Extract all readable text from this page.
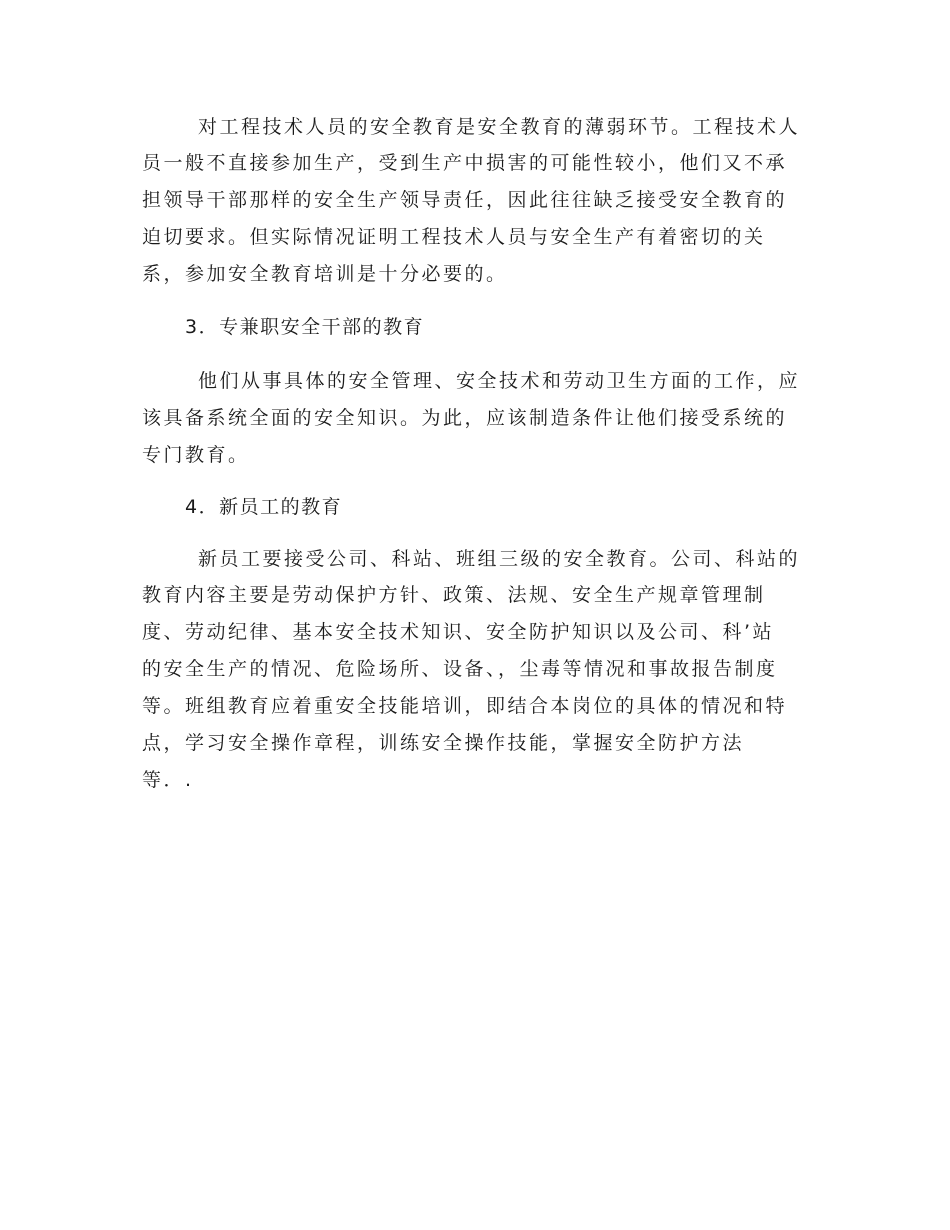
对工程技术人员的安全教育是安全教育的薄弱环节。工程技术人
员一般不直接参加生产，受到生产中损害的可能性较小，他们又不承
担领导干部那样的安全生产领导责任，因此往往缺乏接受安全教育的
迫切要求。但实际情况证明工程技术人员与安全生产有着密切的关
系，参加安全教育培训是十分必要的。
3．专兼职安全干部的教育
他们从事具体的安全管理、安全技术和劳动卫生方面的工作，应
该具备系统全面的安全知识。为此，应该制造条件让他们接受系统的
专门教育。
4．新员工的教育
新员工要接受公司、科站、班组三级的安全教育。公司、科站的
教育内容主要是劳动保护方针、政策、法规、安全生产规章管理制
度、劳动纪律、基本安全技术知识、安全防护知识以及公司、科’站
的安全生产的情况、危险场所、设备、，尘毒等情况和事故报告制度
等。班组教育应着重安全技能培训，即结合本岗位的具体的情况和特
点，学习安全操作章程，训练安全操作技能，掌握安全防护方法
等．.
